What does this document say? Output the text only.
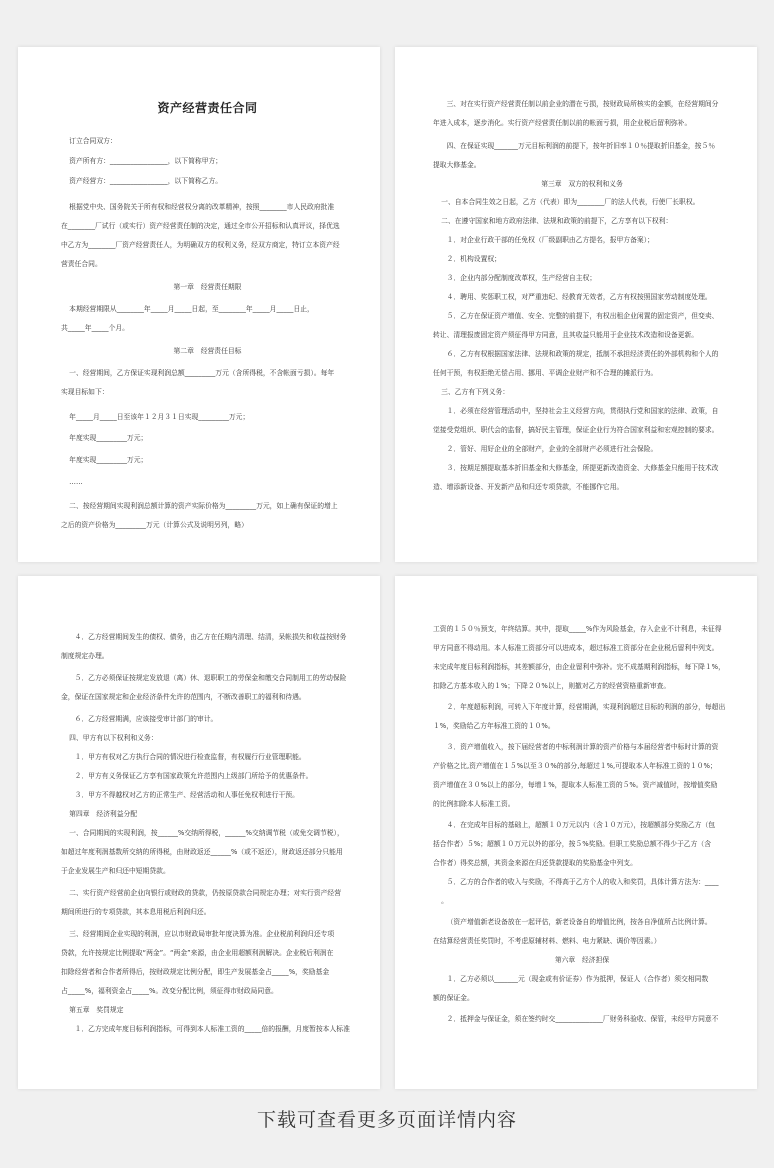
资产经营责任合同
订立合同双方：
资产所有方：_________________，以下简称甲方；
资产经营方：_________________，以下简称乙方。
根据党中央、国务院关于所有权和经营权分离的改革精神，按照________市人民政府批准
在________厂试行（或实行）资产经营责任制的决定，通过全市公开招标和认真评议，择优选
中乙方为________厂资产经营责任人，为明确双方的权利义务，经双方商定，特订立本资产经
营责任合同。
第一章　经营责任期限
本期经营期限从________年_____月_____日起，至________年_____月_____日止，
共_____年_____个月。
第二章　经营责任目标
一、经营期间，乙方保证实现利润总额_________万元（含所得税，不含帐面亏损）。每年
实现目标如下：
年_____月_____日至该年１２月３１日实现_________万元；
年度实现_________万元；
年度实现_________万元；
……
二、按经营期间实现利润总额计算的资产实际价格为_________万元，如上确有保证的增上
之后的资产价格为_________万元（计算公式及说明另列，略）
三、对在实行资产经营责任制以前企业的潜在亏损，按财政局所核实的金额，在经营期间分
年进入成本，逐步消化。实行资产经营责任制以前的帐面亏损，用企业税后留利弥补。
四、在保证实现_______万元目标利润的前提下，按年折旧率１０％提取折旧基金，按５％
提取大修基金。
第三章　双方的权利和义务
一、自本合同生效之日起，乙方（代表）即为________厂的法人代表，行使厂长职权。
二、在遵守国家和地方政府法律、法规和政策的前提下，乙方享有以下权利：
１．对企业行政干部的任免权（厂级副职由乙方提名，报甲方备案）；
２．机构设置权；
３．企业内部分配制度改革权，生产经营自主权；
４．聘用、奖惩职工权，对严重违纪、经教育无效者，乙方有权按照国家劳动制度处理。
５．乙方在保证资产增值、安全、完整的前提下，有权出租企业闲置的固定资产，但变卖、
转让、清理报废固定资产须征得甲方同意，且其收益只能用于企业技术改造和设备更新。
６．乙方有权根据国家法律、法规和政策的规定，抵制不承担经济责任的外部机构和个人的
任何干预，有权拒绝无偿占用、挪用、平调企业财产和不合理的摊派行为。
三、乙方有下列义务：
１．必须在经营管理活动中，坚持社会主义经营方向，贯彻执行党和国家的法律、政策，自
觉接受党组织、职代会的监督，搞好民主管理，保证企业行为符合国家利益和宏观控制的要求。
２．管好、用好企业的全部财产，企业的全部财产必须进行社会保险。
３．按期足额提取基本折旧基金和大修基金，所提更新改造资金、大修基金只能用于技术改
造、增添新设备、开发新产品和归还专项贷款，不能挪作它用。
４．乙方经营期间发生的债权、债务，由乙方在任期内清理、结清，呆帐损失和收益按财务
制度规定办理。
５．乙方必须保证按规定发放退（离）休、退职职工的劳保金和缴交合同制用工的劳动保险
金，保证在国家规定和企业经济条件允许的范围内，不断改善职工的福利和待遇。
６．乙方经营期满，应该接受审计部门的审计。
四、甲方有以下权利和义务：
１．甲方有权对乙方执行合同的情况进行检查监督，有权履行行业管理职能。
２．甲方有义务保证乙方享有国家政策允许范围内上级部门所给予的优惠条件。
３．甲方不得越权对乙方的正常生产、经营活动和人事任免权利进行干预。
第四章　经济利益分配
一、合同期间的实现利润，按______%交纳所得税，______%交纳调节税（或免交调节税），
如超过年度利润基数所交纳的所得税，由财政返还______%（或不返还），财政返还部分只能用
于企业发展生产和归还中短期贷款。
二、实行资产经营前企业向银行或财政的贷款，仍按原贷款合同规定办理；对实行资产经营
期间所进行的专项贷款，其本息用税后利润归还。
三、经营期间企业实现的利润，应以市财政局审批年度决算为准。企业税前利润归还专项
贷款，允许按规定比例提取“两金”。“两金”来源，由企业用超额利润解决。企业税后利润在
扣除经营者和合作者所得后，按财政规定比例分配，即生产发展基金占_____%，奖励基金
占_____%，福利资金占_____%。改变分配比例，须征得市财政局同意。
第五章　奖罚规定
１．乙方完成年度目标利润指标，可得到本人标准工资的_____倍的报酬，月度暂按本人标准
工资的１５０％预支，年终结算。其中，提取_____%作为风险基金，存入企业不计利息，未征得
甲方同意不得动用。本人标准工资部分可以进成本，超过标准工资部分在企业税后留利中列支。
未完成年度目标利润指标，其差额部分，由企业留利中弥补。完不成基期利润指标，每下降１%，
扣除乙方基本收入的１%；下降２０%以上，则撤对乙方的经营资格重新审查。
２．年度超标利润，可转入下年度计算，经营期满，实现利润超过目标的利润的部分，每超出
１%，奖励给乙方年标准工资的１０%。
３．资产增值收入，按下届经营者的中标利润计算的资产价格与本届经营者中标时计算的资
产价格之比,资产增值在１５%以至３０%的部分,每超过１%,可提取本人年标准工资的１０%；
资产增值在３０%以上的部分，每增１%，提取本人标准工资的５%。资产减值时，按增值奖励
的比例扣除本人标准工资。
４．在完成年目标的基础上，超额１０万元以内（含１０万元），按超额部分奖励乙方（包
括合作者）５%；超额１０万元以外的部分，按５%奖励。但职工奖励总额不得少于乙方（含
合作者）得奖总额，其资金来源在归还贷款提取的奖励基金中列支。
５．乙方的合作者的收入与奖励，不得高于乙方个人的收入和奖罚，具体计算方法为：____
。
（资产增值新老设备放在一起评估，新老设备自的增值比例，按各自净值所占比例计算。
在结算经营责任奖罚时，不考虑原辅材料、燃料、电力紧缺、调价等因素。）
第六章　经济担保
１．乙方必须以_______元（现金或有价证券）作为抵押，保证人（合作者）须交相同数
额的保证金。
２．抵押金与保证金，须在签约时交______________厂财务科验收、保管，未经甲方同意不
下载可查看更多页面详情内容
